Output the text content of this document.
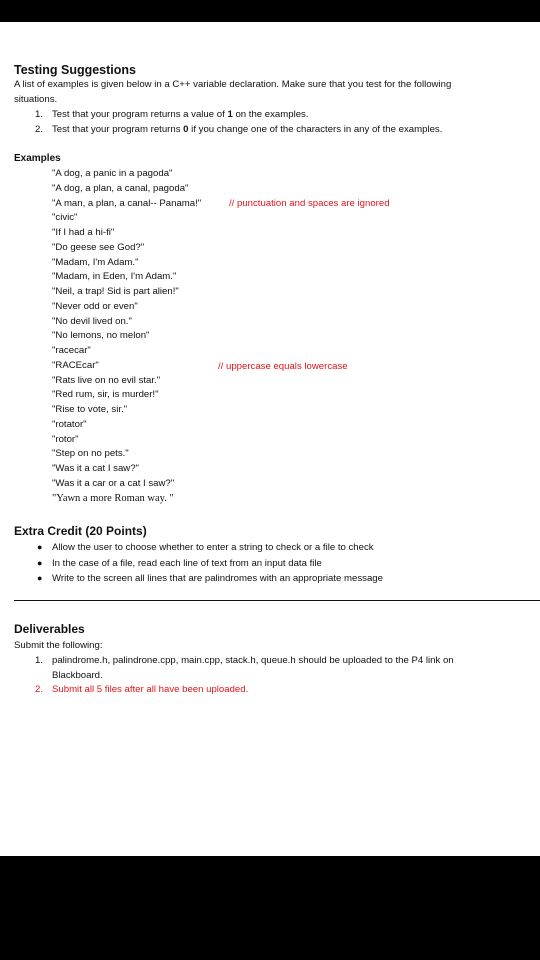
Testing Suggestions
A list of examples is given below in a C++ variable declaration. Make sure that you test for the following
situations.
1. Test that your program returns a value of 1 on the examples.
2. Test that your program returns 0 if you change one of the characters in any of the examples.
Examples
"A dog, a panic in a pagoda"
"A dog, a plan, a canal, pagoda"
"A man, a plan, a canal-- Panama!"
"civic"
"If I had a hi-fi"
"Do geese see God?"
"Madam, I'm Adam."
"Madam, in Eden, I'm Adam."
"Neil, a trap! Sid is part alien!"
"Never odd or even"
"No devil lived on."
"No lemons, no melon"
"racecar"
"RACEcar"
"Rats live on no evil star."
"Red rum, sir, is murder!"
"Rise to vote, sir."
"rotator"
"rotor"
"Step on no pets."
"Was it a cat I saw?"
"Was it a car or a cat I saw?"
"Yawn a more Roman way. "
// punctuation and spaces are ignored
// uppercase equals lowercase
Extra Credit (20 Points)
● Allow the user to choose whether to enter a string to check or a file to check
● In the case of a file, read each line of text from an input data file
● Write to the screen all lines that are palindromes with an appropriate message
Deliverables
Submit the following:
1. palindrome.h, palindrone.cpp, main.cpp, stack.h, queue.h should be uploaded to the P4 link on
Blackboard.
2. Submit all 5 files after all have been uploaded.
